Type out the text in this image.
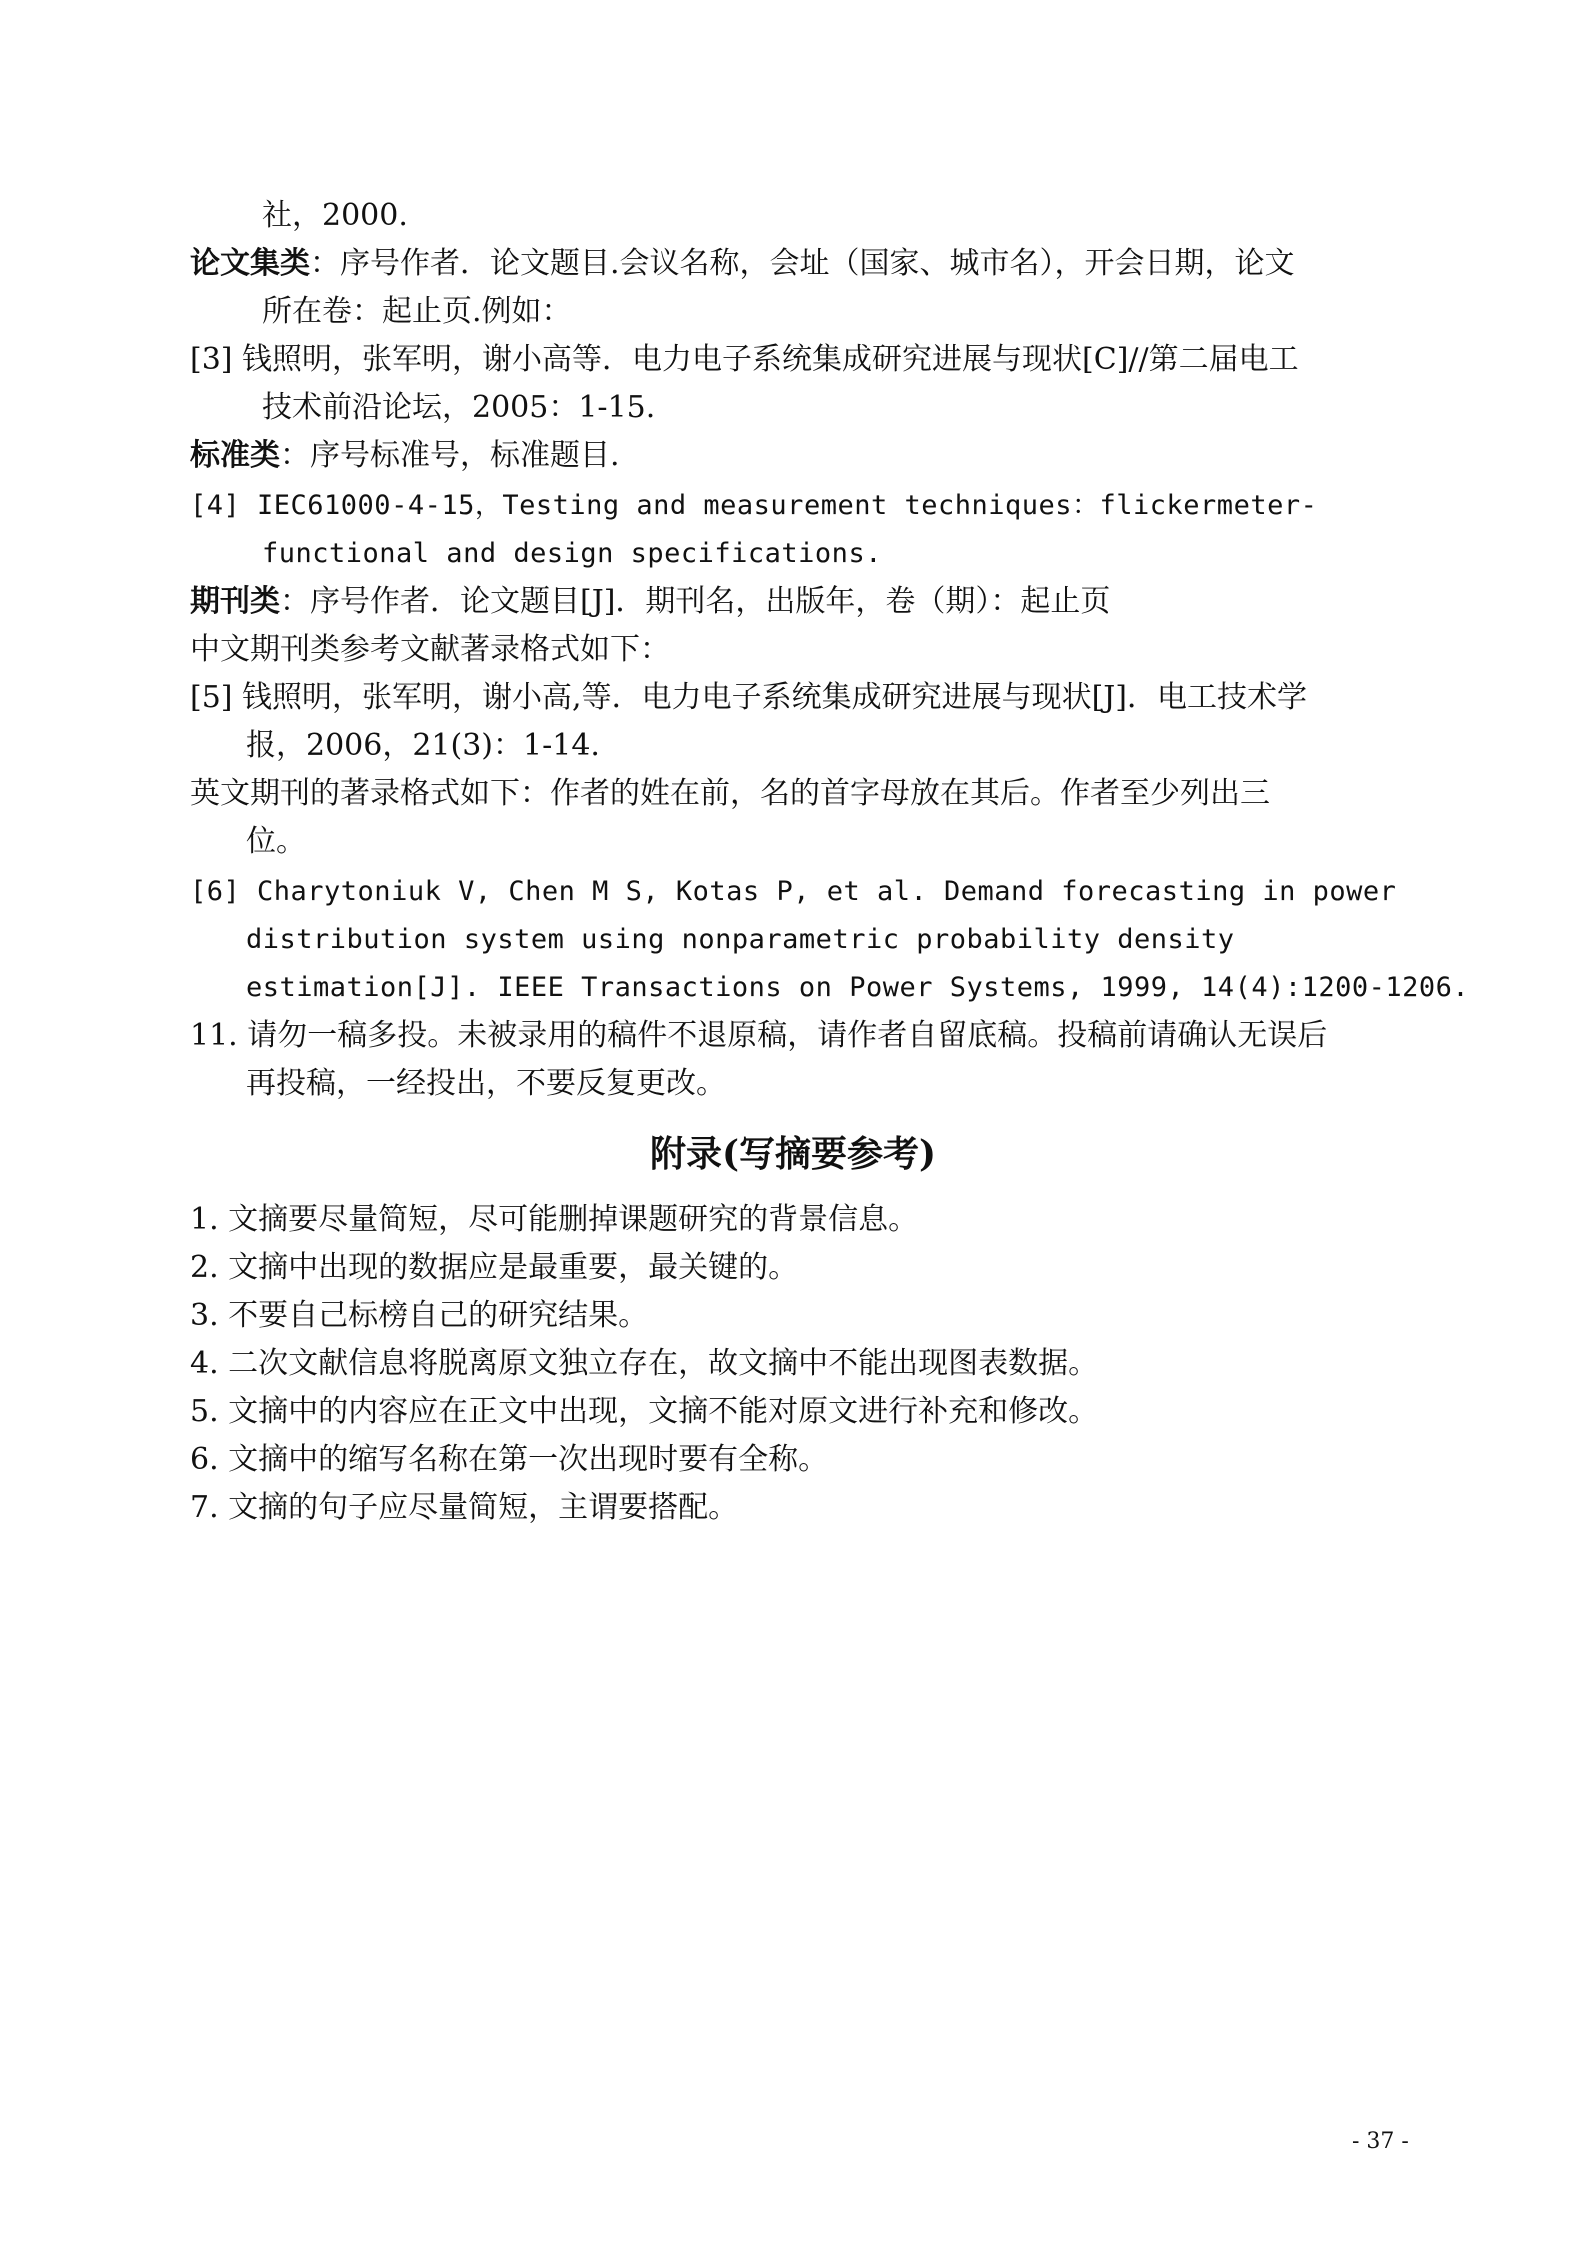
社，2000.
论文集类：序号作者．论文题目.会议名称，会址（国家、城市名），开会日期，论文
所在卷：起止页.例如：
[3] 钱照明，张军明，谢小高等．电力电子系统集成研究进展与现状[C]//第二届电工
技术前沿论坛，2005：1-15.
标准类：序号标准号，标准题目.
[4] IEC61000-4-15，Testing and measurement techniques：flickermeter-
functional and design specifications.
期刊类：序号作者．论文题目[J]．期刊名，出版年，卷（期）：起止页
中文期刊类参考文献著录格式如下：
[5] 钱照明，张军明，谢小高,等．电力电子系统集成研究进展与现状[J]．电工技术学
报，2006，21(3)：1-14.
英文期刊的著录格式如下：作者的姓在前，名的首字母放在其后。作者至少列出三
位。
[6] Charytoniuk V, Chen M S, Kotas P, et al. Demand forecasting in power
distribution system using nonparametric probability density
estimation[J]. IEEE Transactions on Power Systems, 1999, 14(4):1200-1206.
11. 请勿一稿多投。未被录用的稿件不退原稿，请作者自留底稿。投稿前请确认无误后
再投稿，一经投出，不要反复更改。
附录(写摘要参考)
1. 文摘要尽量简短，尽可能删掉课题研究的背景信息。
2. 文摘中出现的数据应是最重要，最关键的。
3. 不要自己标榜自己的研究结果。
4. 二次文献信息将脱离原文独立存在，故文摘中不能出现图表数据。
5. 文摘中的内容应在正文中出现，文摘不能对原文进行补充和修改。
6. 文摘中的缩写名称在第一次出现时要有全称。
7. 文摘的句子应尽量简短，主谓要搭配。
- 37 -
